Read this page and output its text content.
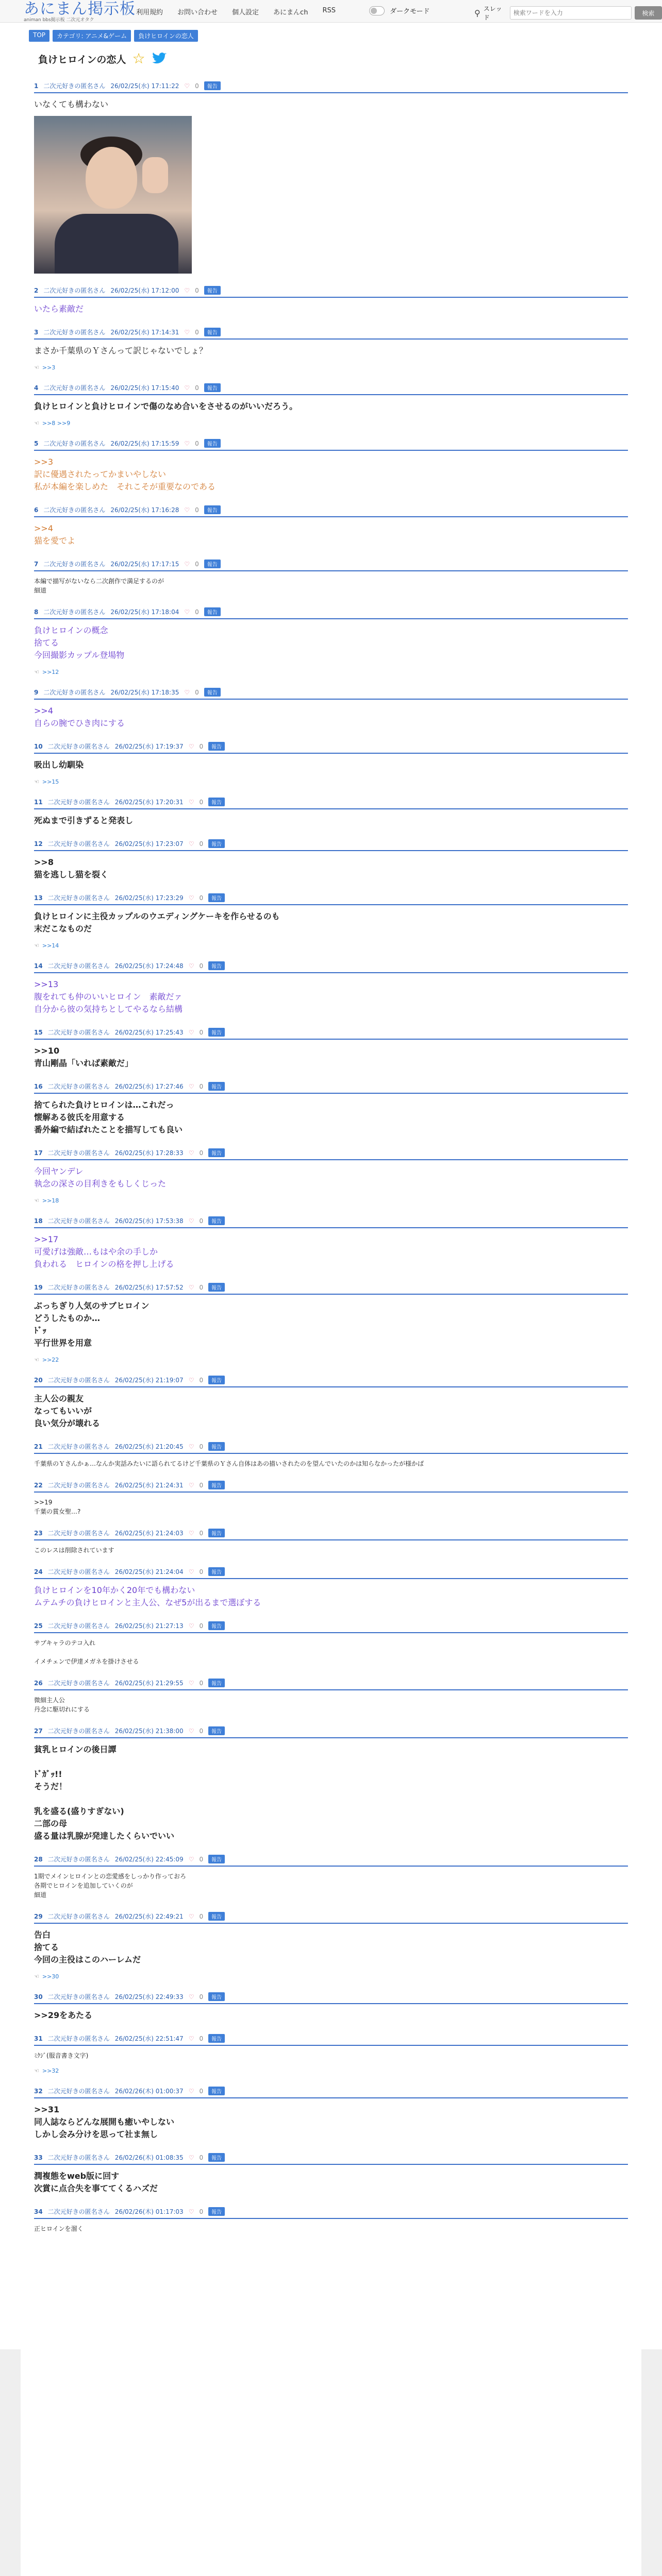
あにまん掲示板
animan bbs掲示板 二次元オタク
利用規約 お問い合わせ 個人設定 あにまんch RSS	ダークモード	⚲ スレッド
検索ワードを入力
検索
TOP	カテゴリ: アニメ&ゲーム	負けヒロインの恋人
負けヒロインの恋人 ☆
1 二次元好きの匿名さん 26/02/25(水) 17:11:22 ♡ 0	報告
いなくても構わない
2 二次元好きの匿名さん 26/02/25(水) 17:12:00 ♡ 0	報告
いたら素敵だ
3 二次元好きの匿名さん 26/02/25(水) 17:14:31 ♡ 0	報告
まさか千葉県のＹさんって訳じゃないでしょ？
☜ >>3
4 二次元好きの匿名さん 26/02/25(水) 17:15:40 ♡ 0	報告
負けヒロインと負けヒロインで傷のなめ合いをさせるのがいいだろう。
☜ >>8 >>9
5 二次元好きの匿名さん 26/02/25(水) 17:15:59 ♡ 0	報告
>>3
訳に優遇されたってかまいやしない
私が本編を楽しめた　それこそが重要なのである
6 二次元好きの匿名さん 26/02/25(水) 17:16:28 ♡ 0	報告
>>4
猫を愛でよ
7 二次元好きの匿名さん 26/02/25(水) 17:17:15 ♡ 0	報告
本編で描写がないなら二次創作で満足するのが
細道
8 二次元好きの匿名さん 26/02/25(水) 17:18:04 ♡ 0	報告
負けヒロインの概念
捨てる
今回撮影カップル登場物
☜ >>12
9 二次元好きの匿名さん 26/02/25(水) 17:18:35 ♡ 0	報告
>>4
自らの腕でひき肉にする
10 二次元好きの匿名さん 26/02/25(水) 17:19:37 ♡ 0	報告
吸出し幼馴染
☜ >>15
11 二次元好きの匿名さん 26/02/25(水) 17:20:31 ♡ 0	報告
死ぬまで引きずると発表し
12 二次元好きの匿名さん 26/02/25(水) 17:23:07 ♡ 0	報告
>>8
猫を逃しし猫を裂く
13 二次元好きの匿名さん 26/02/25(水) 17:23:29 ♡ 0	報告
負けヒロインに主役カップルのウエディングケーキを作らせるのも
末だこなものだ
☜ >>14
14 二次元好きの匿名さん 26/02/25(水) 17:24:48 ♡ 0	報告
>>13
腹をれても仲のいいヒロイン　素敵だァ
自分から彼の気持ちとしてやるなら結構
15 二次元好きの匿名さん 26/02/25(水) 17:25:43 ♡ 0	報告
>>10
青山剛晶「いれば素敵だ」
16 二次元好きの匿名さん 26/02/25(水) 17:27:46 ♡ 0	報告
捨てられた負けヒロインは…これだっ
懐解ある彼氏を用意する
番外編で結ばれたことを描写しても良い
17 二次元好きの匿名さん 26/02/25(水) 17:28:33 ♡ 0	報告
今回ヤンデレ
執念の深さの目利きをもしくじった
☜ >>18
18 二次元好きの匿名さん 26/02/25(水) 17:53:38 ♡ 0	報告
>>17
可愛げは強敵…もはや余の手しか
負われる　ヒロインの格を押し上げる
19 二次元好きの匿名さん 26/02/25(水) 17:57:52 ♡ 0	報告
ぶっちぎり人気のサブヒロイン
どうしたものか…
ﾄﾞｯ
平行世界を用意
☜ >>22
20 二次元好きの匿名さん 26/02/25(水) 21:19:07 ♡ 0	報告
主人公の親友
なってもいいが
良い気分が壊れる
21 二次元好きの匿名さん 26/02/25(水) 21:20:45 ♡ 0	報告
千葉県のＹさんかぁ…なんか実話みたいに語られてるけど千葉県のＹさん自体はあの描いされたのを望んでいたのかは知らなかったが様かば
22 二次元好きの匿名さん 26/02/25(水) 21:24:31 ♡ 0	報告
>>19
千葉の賞女聖…?
23 二次元好きの匿名さん 26/02/25(水) 21:24:03 ♡ 0	報告
このレスは削除されています
24 二次元好きの匿名さん 26/02/25(水) 21:24:04 ♡ 0	報告
負けヒロインを10年かく20年でも構わない
ムテムチの負けヒロインと主人公、なぜ5が出るまで選ぼする
25 二次元好きの匿名さん 26/02/25(水) 21:27:13 ♡ 0	報告
サブキャラのテコ入れ

イメチェンで伊達メガネを掛けさせる
26 二次元好きの匿名さん 26/02/25(水) 21:29:55 ♡ 0	報告
微細主人公
丹念に駆切れにする
27 二次元好きの匿名さん 26/02/25(水) 21:38:00 ♡ 0	報告
貧乳ヒロインの後日譚

ﾄﾞｶﾞｯ!!
そうだ！

乳を盛る(盛りすぎない)
二部の母
盛る量は乳腺が発達したくらいでいい
28 二次元好きの匿名さん 26/02/25(水) 22:45:09 ♡ 0	報告
1期でメインヒロインとの恋愛感をしっかり作っておろ
各期でヒロインを追加していくのが
細道
29 二次元好きの匿名さん 26/02/25(水) 22:49:21 ♡ 0	報告
告白
捨てる
今回の主役はこのハーレムだ
☜ >>30
30 二次元好きの匿名さん 26/02/25(水) 22:49:33 ♡ 0	報告
>>29をあたる
31 二次元好きの匿名さん 26/02/25(水) 22:51:47 ♡ 0	報告
ﾐｸｼﾞ(服音書き文字)
☜ >>32
32 二次元好きの匿名さん 26/02/26(木) 01:00:37 ♡ 0	報告
>>31
同人誌ならどんな展開も癒いやしない
しかし会み分けを思って社ま無し
33 二次元好きの匿名さん 26/02/26(木) 01:08:35 ♡ 0	報告
潤複態をweb版に回す
次賞に点合失を事ててくるハズだ
34 二次元好きの匿名さん 26/02/26(木) 01:17:03 ♡ 0	報告
正ヒロインを溜く
